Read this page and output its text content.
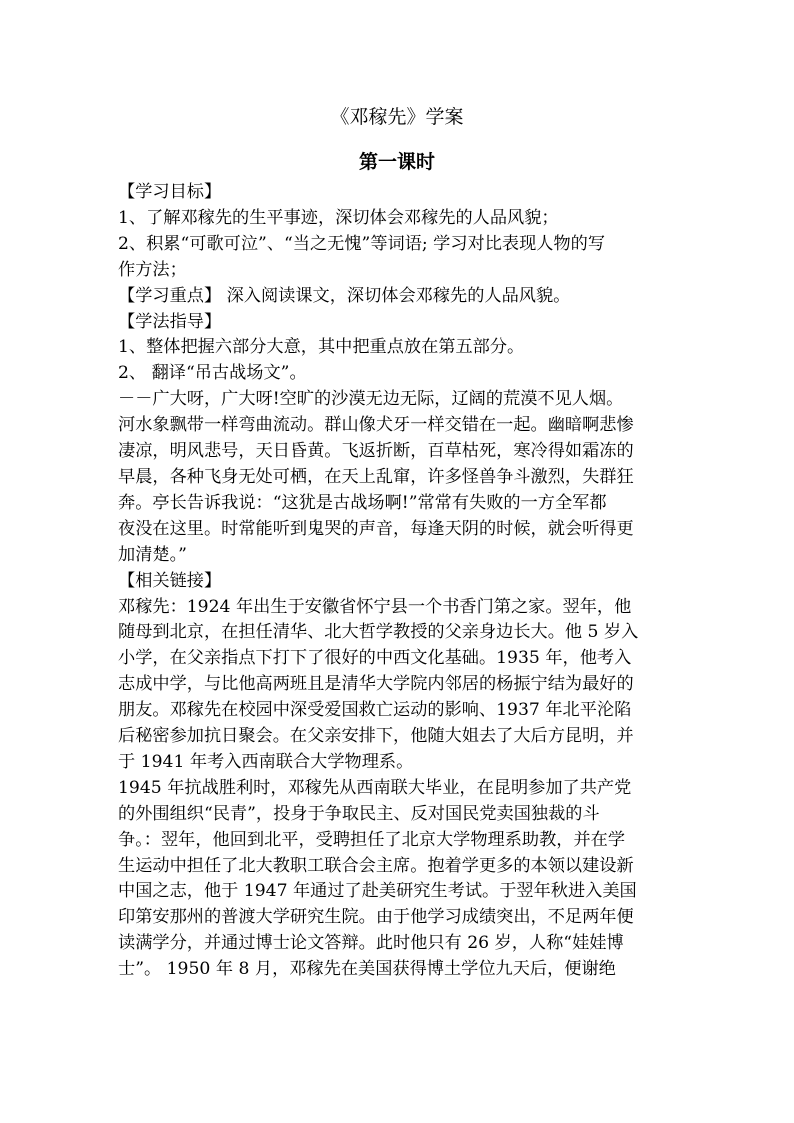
《邓稼先》学案
第一课时
【学习目标】
1、了解邓稼先的生平事迹，深切体会邓稼先的人品风貌；
2、积累“可歌可泣”、“当之无愧”等词语; 学习对比表现人物的写
作方法；
【学习重点】 深入阅读课文，深切体会邓稼先的人品风貌。
【学法指导】
1、整体把握六部分大意，其中把重点放在第五部分。
2、 翻译“吊古战场文”。
－－广大呀，广大呀!空旷的沙漠无边无际，辽阔的荒漠不见人烟。
河水象飘带一样弯曲流动。群山像犬牙一样交错在一起。幽暗啊悲惨
凄凉，明风悲号，天日昏黄。飞返折断，百草枯死，寒冷得如霜冻的
早晨，各种飞身无处可栖，在天上乱窜，许多怪兽争斗激烈，失群狂
奔。亭长告诉我说：“这犹是古战场啊!”常常有失败的一方全军都
夜没在这里。时常能听到鬼哭的声音，每逢天阴的时候，就会听得更
加清楚。”
【相关链接】
邓稼先：1924 年出生于安徽省怀宁县一个书香门第之家。翌年，他
随母到北京，在担任清华、北大哲学教授的父亲身边长大。他 5 岁入
小学，在父亲指点下打下了很好的中西文化基础。1935 年，他考入
志成中学，与比他高两班且是清华大学院内邻居的杨振宁结为最好的
朋友。邓稼先在校园中深受爱国救亡运动的影响、1937 年北平沦陷
后秘密参加抗日聚会。在父亲安排下，他随大姐去了大后方昆明，并
于 1941 年考入西南联合大学物理系。
1945 年抗战胜利时，邓稼先从西南联大毕业，在昆明参加了共产党
的外围组织“民青”，投身于争取民主、反对国民党卖国独裁的斗
争。：翌年，他回到北平，受聘担任了北京大学物理系助教，并在学
生运动中担任了北大教职工联合会主席。抱着学更多的本领以建设新
中国之志，他于 1947 年通过了赴美研究生考试。于翌年秋进入美国
印第安那州的普渡大学研究生院。由于他学习成绩突出，不足两年便
读满学分，并通过博士论文答辩。此时他只有 26 岁，人称“娃娃博
士”。 1950 年 8 月，邓稼先在美国获得博土学位九天后，便谢绝
